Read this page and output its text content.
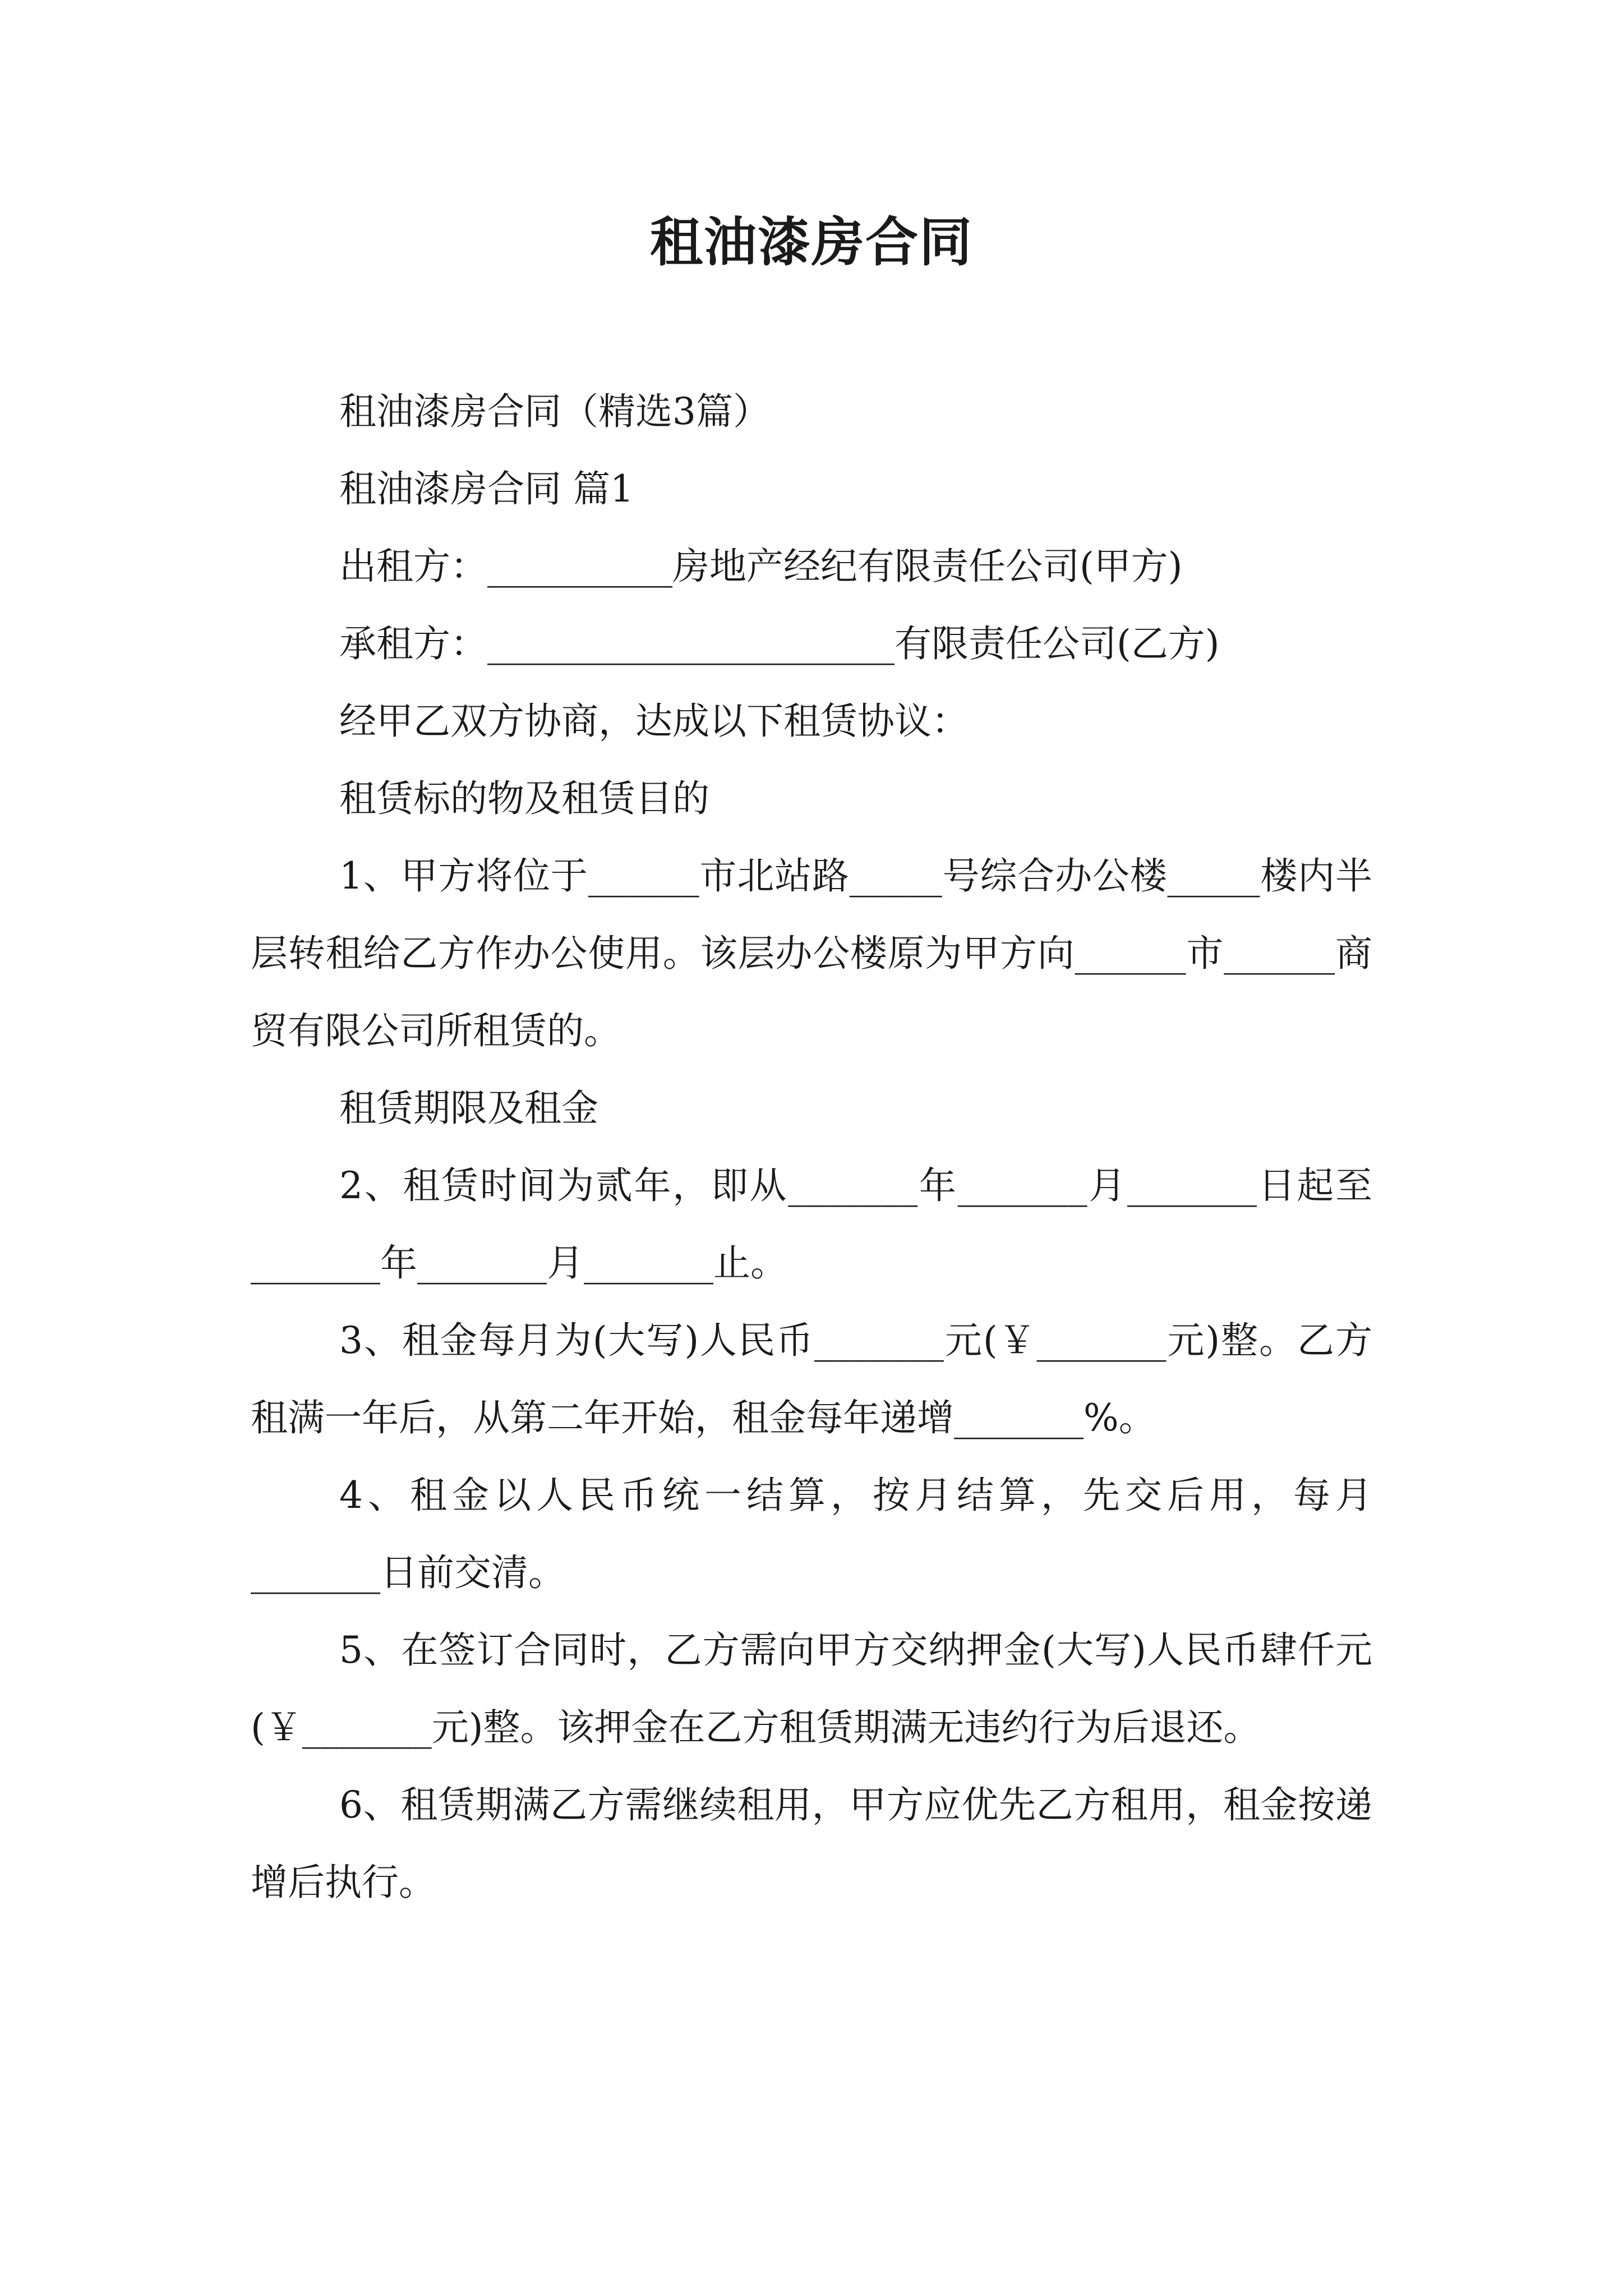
租油漆房合同

租油漆房合同（精选3篇）

租油漆房合同 篇1

出租方：__________房地产经纪有限责任公司(甲方)

承租方：______________________有限责任公司(乙方)

经甲乙双方协商，达成以下租赁协议：

租赁标的物及租赁目的

1、甲方将位于______市北站路_____号综合办公楼_____楼内半层转租给乙方作办公使用。该层办公楼原为甲方向______市______商贸有限公司所租赁的。

租赁期限及租金

2、租赁时间为贰年，即从_______年_______月_______日起至_______年_______月_______止。

3、租金每月为(大写)人民币_______元(￥_______元)整。乙方租满一年后，从第二年开始，租金每年递增_______%。

4、租金以人民币统一结算，按月结算，先交后用，每月_______日前交清。

5、在签订合同时，乙方需向甲方交纳押金(大写)人民币肆仟元(￥_______元)整。该押金在乙方租赁期满无违约行为后退还。

6、租赁期满乙方需继续租用，甲方应优先乙方租用，租金按递增后执行。
